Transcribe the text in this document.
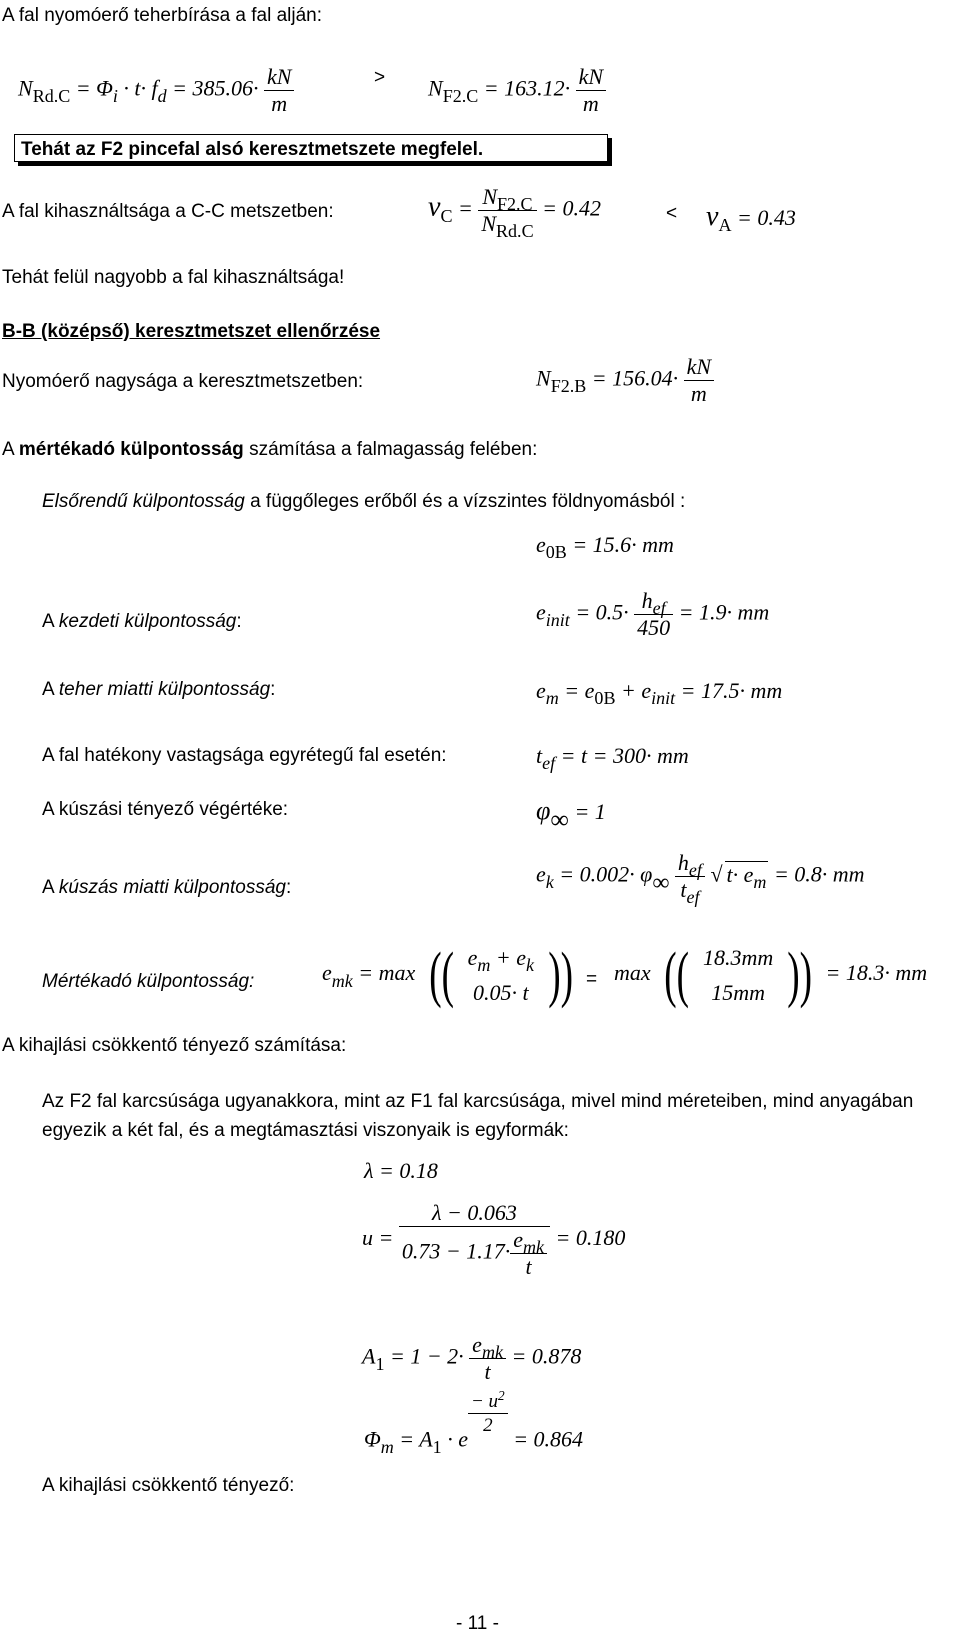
A fal nyomóerő teherbírása a fal alján:
$N_{Rd.C} = \Phi_i \cdot t\cdot f_d = 385.06\cdot \frac{kN}{m}$	> $N_{F2.C} = 163.12\cdot \frac{kN}{m}$
Tehát az F2 pincefal alsó keresztmetszete megfelel.
A fal kihasználtsága a C-C metszetben:	$\nu_C = \frac{N_{F2.C}}{N_{Rd.C}} = 0.42$	< $\nu_A = 0.43$
Tehát felül nagyobb a fal kihasználtsága!
B-B (középső) keresztmetszet ellenőrzése
Nyomóerő nagysága a keresztmetszetben:	$N_{F2.B} = 156.04\cdot \frac{kN}{m}$
A mértékadó külpontosság számítása a falmagasság felében:
Elsőrendű külpontosság a függőleges erőből és a vízszintes földnyomásból :
$e_{0B} = 15.6\cdot$ mm
A kezdeti külpontosság:	$e_{init} = 0.5\cdot \frac{h_{ef}}{450} = 1.9\cdot$ mm
A teher miatti külpontosság:	$e_m = e_{0B} + e_{init} = 17.5\cdot$ mm
A fal hatékony vastagsága egyrétegű fal esetén:	$t_{ef} = t = 300\cdot$ mm
A kúszási tényező végértéke:	φ∞ = 1
A kúszás miatti külpontosság:
$e_k = 0.002\cdot \varphi\infty \frac{h_{ef}}{t_{ef}}$ √ $t\cdot e_m = 0.8\cdot$ mm
Mértékadó külpontosság:	$e_{mk} = \max$ (( $e_m + e_k$
0.05· t )) = max (( 18.3mm
15mm )) = 18.3· mm
A kihajlási csökkentő tényező számítása:
Az F2 fal karcsúsága ugyanakkora, mint az F1 fal karcsúsága, mivel mind méreteiben, mind anyagában egyezik a két fal, és a megtámasztási viszonyaik is egyformák:
λ = 0.18
$u = \frac{\lambda - 0.063}{0.73 - 1.17\cdot \frac{e_{mk}}{t}} = 0.180$
$A_1 = 1 - 2\cdot \frac{e_{mk}}{t} = 0.878$
A kihajlási csökkentő tényező:
$\Phi_m = A_1 \cdot e$
$\frac{- u^2}{2}$
= 0.864
- 11 -
